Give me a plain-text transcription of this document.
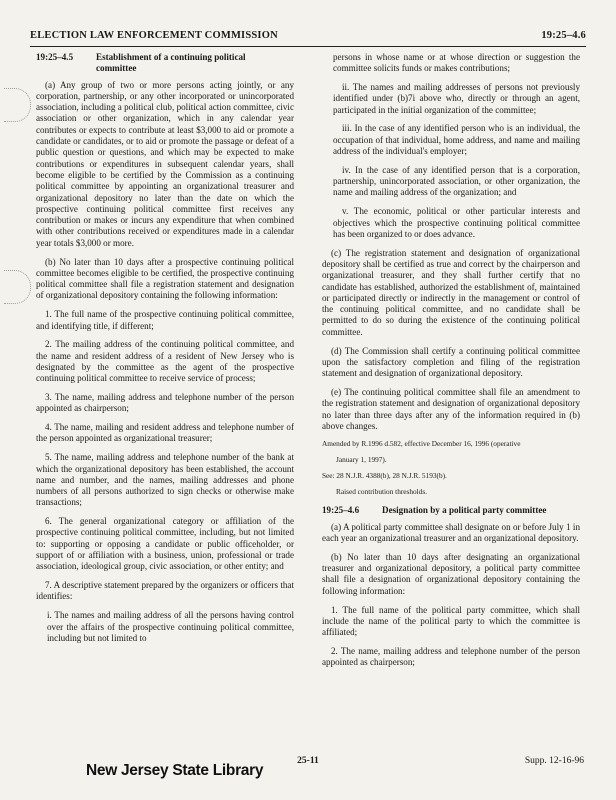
ELECTION LAW ENFORCEMENT COMMISSION	19:25–4.6
19:25–4.5	Establishment of a continuing political
committee

(a) Any group of two or more persons acting jointly, or any corporation, partnership, or any other incorporated or unincorporated association, including a political club, political action committee, civic association or other organization, which in any calendar year contributes or expects to contribute at least $3,000 to aid or promote a candidate or candidates, or to aid or promote the passage or defeat of a public question or questions, and which may be expected to make contributions or expenditures in subsequent calendar years, shall become eligible to be certified by the Commission as a continuing political committee by appointing an organizational treasurer and organizational depository no later than the date on which the prospective continuing political committee first receives any contribution or makes or incurs any expenditure that when combined with other contributions received or expenditures made in a calendar year totals $3,000 or more.

(b) No later than 10 days after a prospective continuing political committee becomes eligible to be certified, the prospective continuing political committee shall file a registration statement and designation of organizational depository containing the following information:

1. The full name of the prospective continuing political committee, and identifying title, if different;

2. The mailing address of the continuing political committee, and the name and resident address of a resident of New Jersey who is designated by the committee as the agent of the prospective continuing political committee to receive service of process;

3. The name, mailing address and telephone number of the person appointed as chairperson;

4. The name, mailing and resident address and telephone number of the person appointed as organizational treasurer;

5. The name, mailing address and telephone number of the bank at which the organizational depository has been established, the account name and number, and the names, mailing addresses and phone numbers of all persons authorized to sign checks or otherwise make transactions;

6. The general organizational category or affiliation of the prospective continuing political committee, including, but not limited to: supporting or opposing a candidate or public officeholder, or support of or affiliation with a business, union, professional or trade association, ideological group, civic association, or other entity; and

7. A descriptive statement prepared by the organizers or officers that identifies:

i. The names and mailing address of all the persons having control over the affairs of the prospective continuing political committee, including but not limited to

persons in whose name or at whose direction or suggestion the committee solicits funds or makes contributions;

ii. The names and mailing addresses of persons not previously identified under (b)7i above who, directly or through an agent, participated in the initial organization of the committee;

iii. In the case of any identified person who is an individual, the occupation of that individual, home address, and name and mailing address of the individual's employer;

iv. In the case of any identified person that is a corporation, partnership, unincorporated association, or other organization, the name and mailing address of the organization; and

v. The economic, political or other particular interests and objectives which the prospective continuing political committee has been organized to or does advance.

(c) The registration statement and designation of organizational depository shall be certified as true and correct by the chairperson and organizational treasurer, and they shall further certify that no candidate has established, authorized the establishment of, maintained or participated directly or indirectly in the management or control of the continuing political committee, and no candidate shall be permitted to do so during the existence of the continuing political committee.

(d) The Commission shall certify a continuing political committee upon the satisfactory completion and filing of the registration statement and designation of organizational depository.

(e) The continuing political committee shall file an amendment to the registration statement and designation of organizational depository no later than three days after any of the information required in (b) above changes.

Amended by R.1996 d.582, effective December 16, 1996 (operative

January 1, 1997).

See: 28 N.J.R. 4388(b), 28 N.J.R. 5193(b).

Raised contribution thresholds.

19:25–4.6	Designation by a political party committee

(a) A political party committee shall designate on or before July 1 in each year an organizational treasurer and an organizational depository.

(b) No later than 10 days after designating an organizational treasurer and organizational depository, a political party committee shall file a designation of organizational depository containing the following information:

1. The full name of the political party committee, which shall include the name of the political party to which the committee is affiliated;

2. The name, mailing address and telephone number of the person appointed as chairperson;

25-11	Supp. 12-16-96
New Jersey State Library
